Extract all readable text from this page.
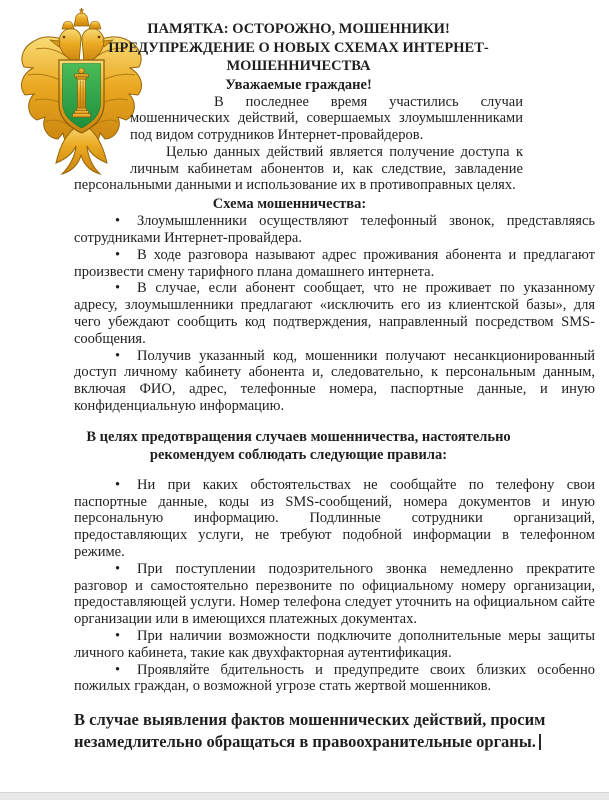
ПАМЯТКА: ОСТОРОЖНО, МОШЕННИКИ!
ПРЕДУПРЕЖДЕНИЕ О НОВЫХ СХЕМАХ ИНТЕРНЕТ-
МОШЕННИЧЕСТВА
Уважаемые граждане!

В последнее время участились случаи мошеннических действий, совершаемых злоумышленниками под видом сотрудников Интернет-провайдеров.

Целью данных действий является получение доступа к личным кабинетам абонентов и, как следствие, завладение персональными данными и использование их в противоправных целях.

Схема мошенничества:

• Злоумышленники осуществляют телефонный звонок, представляясь сотрудниками Интернет-провайдера.

• В ходе разговора называют адрес проживания абонента и предлагают произвести смену тарифного плана домашнего интернета.

• В случае, если абонент сообщает, что не проживает по указанному адресу, злоумышленники предлагают «исключить его из клиентской базы», для чего убеждают сообщить код подтверждения, направленный посредством SMS-сообщения.

• Получив указанный код, мошенники получают несанкционированный доступ личному кабинету абонента и, следовательно, к персональным данным, включая ФИО, адрес, телефонные номера, паспортные данные, и иную конфиденциальную информацию.

В целях предотвращения случаев мошенничества, настоятельно
рекомендуем соблюдать следующие правила:

• Ни при каких обстоятельствах не сообщайте по телефону свои паспортные данные, коды из SMS-сообщений, номера документов и иную персональную информацию. Подлинные сотрудники организаций, предоставляющих услуги, не требуют подобной информации в телефонном режиме.

• При поступлении подозрительного звонка немедленно прекратите разговор и самостоятельно перезвоните по официальному номеру организации, предоставляющей услуги. Номер телефона следует уточнить на официальном сайте организации или в имеющихся платежных документах.

• При наличии возможности подключите дополнительные меры защиты личного кабинета, такие как двухфакторная аутентификация.

• Проявляйте бдительность и предупредите своих близких особенно пожилых граждан, о возможной угрозе стать жертвой мошенников.

В случае выявления фактов мошеннических действий, просим
незамедлительно обращаться в правоохранительные органы.
